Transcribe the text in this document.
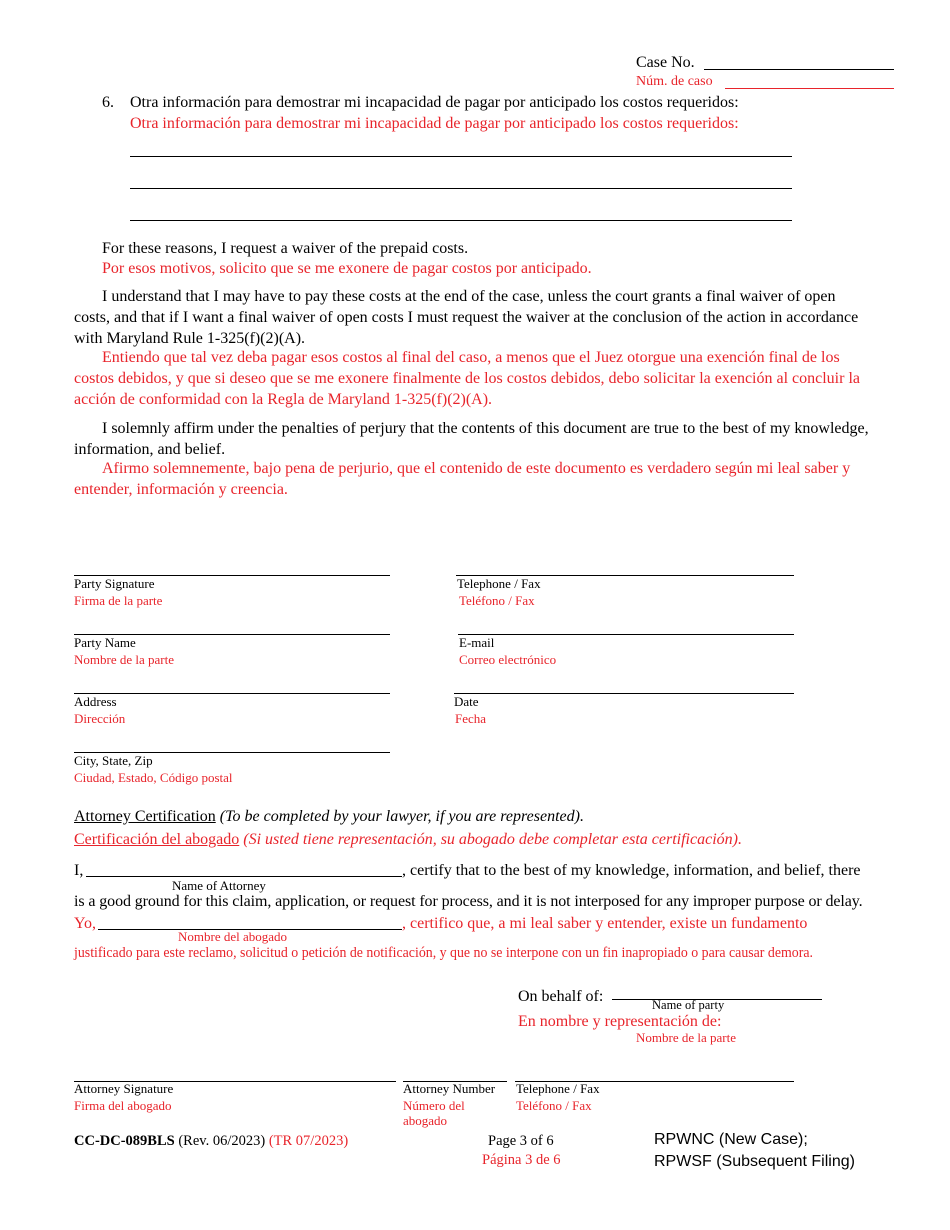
Case No.
Núm. de caso
6. Otra información para demostrar mi incapacidad de pagar por anticipado los costos requeridos:
Otra información para demostrar mi incapacidad de pagar por anticipado los costos requeridos:
For these reasons, I request a waiver of the prepaid costs.
Por esos motivos, solicito que se me exonere de pagar costos por anticipado.
I understand that I may have to pay these costs at the end of the case, unless the court grants a final waiver of open costs, and that if I want a final waiver of open costs I must request the waiver at the conclusion of the action in accordance with Maryland Rule 1-325(f)(2)(A).
Entiendo que tal vez deba pagar esos costos al final del caso, a menos que el Juez otorgue una exención final de los costos debidos, y que si deseo que se me exonere finalmente de los costos debidos, debo solicitar la exención al concluir la acción de conformidad con la Regla de Maryland 1-325(f)(2)(A).
I solemnly affirm under the penalties of perjury that the contents of this document are true to the best of my knowledge, information, and belief.
Afirmo solemnemente, bajo pena de perjurio, que el contenido de este documento es verdadero según mi leal saber y entender, información y creencia.
Party Signature
Firma de la parte
Telephone / Fax
Teléfono / Fax
Party Name
Nombre de la parte
E-mail
Correo electrónico
Address
Dirección
Date
Fecha
City, State, Zip
Ciudad, Estado, Código postal
Attorney Certification (To be completed by your lawyer, if you are represented).
Certificación del abogado (Si usted tiene representación, su abogado debe completar esta certificación).
I,	, certify that to the best of my knowledge, information, and belief, there
Name of Attorney
is a good ground for this claim, application, or request for process, and it is not interposed for any improper purpose or delay.
Yo,	, certifico que, a mi leal saber y entender, existe un fundamento
Nombre del abogado
justificado para este reclamo, solicitud o petición de notificación, y que no se interpone con un fin inapropiado o para causar demora.
On behalf of:	Name of party
En nombre y representación de:
Nombre de la parte
Attorney Signature
Firma del abogado
Attorney Number
Número del abogado
Telephone / Fax
Teléfono / Fax
CC-DC-089BLS (Rev. 06/2023) (TR 07/2023)	Page 3 of 6
Página 3 de 6
RPWNC (New Case);
RPWSF (Subsequent Filing)
